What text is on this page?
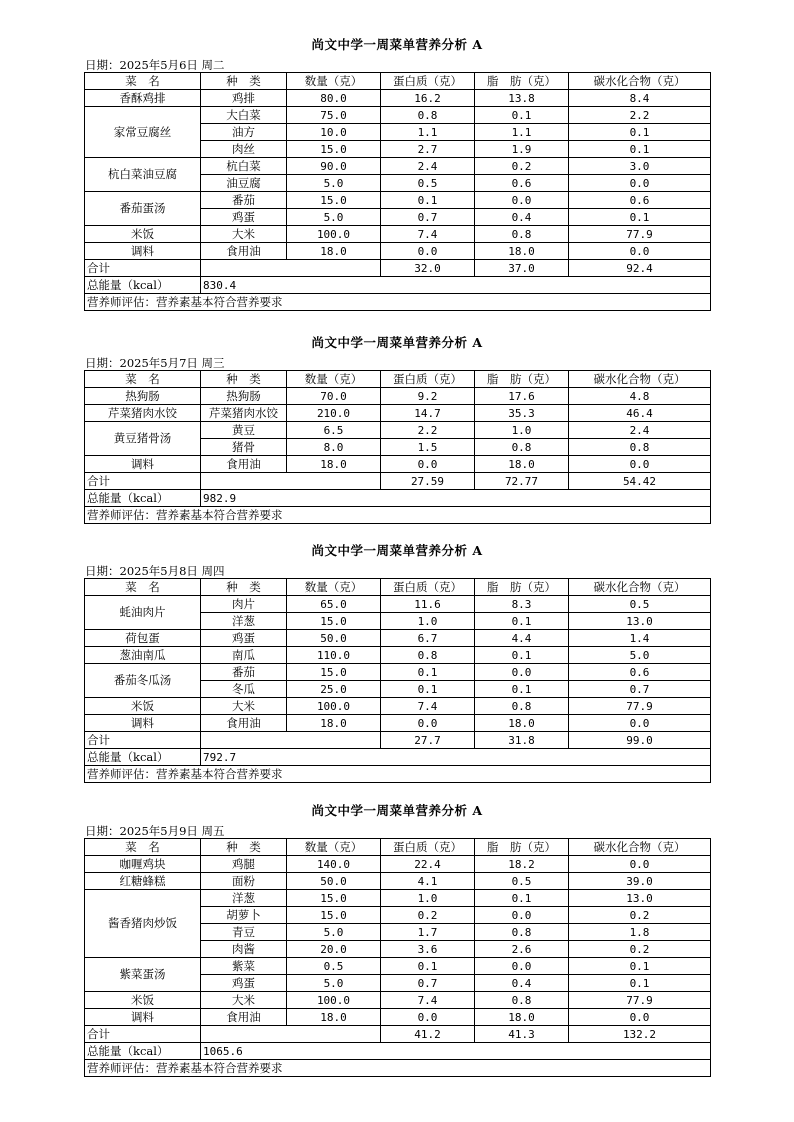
尚文中学一周菜单营养分析 A
日期：2025年5月6日 周二
菜　名	种　类	数量（克）	蛋白质（克）	脂　肪（克）	碳水化合物（克）
香酥鸡排	鸡排	80.0	16.2	13.8	8.4
家常豆腐丝	大白菜	75.0	0.8	0.1	2.2
	油方	10.0	1.1	1.1	0.1
	肉丝	15.0	2.7	1.9	0.1
杭白菜油豆腐	杭白菜	90.0	2.4	0.2	3.0
	油豆腐	5.0	0.5	0.6	0.0
番茄蛋汤	番茄	15.0	0.1	0.0	0.6
	鸡蛋	5.0	0.7	0.4	0.1
米饭	大米	100.0	7.4	0.8	77.9
调料	食用油	18.0	0.0	18.0	0.0
合计			32.0	37.0	92.4
总能量（kcal）	830.4				
营养师评估：营养素基本符合营养要求					
尚文中学一周菜单营养分析 A
日期：2025年5月7日 周三
菜　名	种　类	数量（克）	蛋白质（克）	脂　肪（克）	碳水化合物（克）
热狗肠	热狗肠	70.0	9.2	17.6	4.8
芹菜猪肉水饺	芹菜猪肉水饺	210.0	14.7	35.3	46.4
黄豆猪骨汤	黄豆	6.5	2.2	1.0	2.4
	猪骨	8.0	1.5	0.8	0.8
调料	食用油	18.0	0.0	18.0	0.0
合计			27.59	72.77	54.42
总能量（kcal）	982.9				
营养师评估：营养素基本符合营养要求					
尚文中学一周菜单营养分析 A
日期：2025年5月8日 周四
菜　名	种　类	数量（克）	蛋白质（克）	脂　肪（克）	碳水化合物（克）
蚝油肉片	肉片	65.0	11.6	8.3	0.5
	洋葱	15.0	1.0	0.1	13.0
荷包蛋	鸡蛋	50.0	6.7	4.4	1.4
葱油南瓜	南瓜	110.0	0.8	0.1	5.0
番茄冬瓜汤	番茄	15.0	0.1	0.0	0.6
	冬瓜	25.0	0.1	0.1	0.7
米饭	大米	100.0	7.4	0.8	77.9
调料	食用油	18.0	0.0	18.0	0.0
合计			27.7	31.8	99.0
总能量（kcal）	792.7				
营养师评估：营养素基本符合营养要求					
尚文中学一周菜单营养分析 A
日期：2025年5月9日 周五
菜　名	种　类	数量（克）	蛋白质（克）	脂　肪（克）	碳水化合物（克）
咖喱鸡块	鸡腿	140.0	22.4	18.2	0.0
红糖蜂糕	面粉	50.0	4.1	0.5	39.0
酱香猪肉炒饭	洋葱	15.0	1.0	0.1	13.0
	胡萝卜	15.0	0.2	0.0	0.2
	青豆	5.0	1.7	0.8	1.8
	肉酱	20.0	3.6	2.6	0.2
紫菜蛋汤	紫菜	0.5	0.1	0.0	0.1
	鸡蛋	5.0	0.7	0.4	0.1
米饭	大米	100.0	7.4	0.8	77.9
调料	食用油	18.0	0.0	18.0	0.0
合计			41.2	41.3	132.2
总能量（kcal）	1065.6				
营养师评估：营养素基本符合营养要求					
